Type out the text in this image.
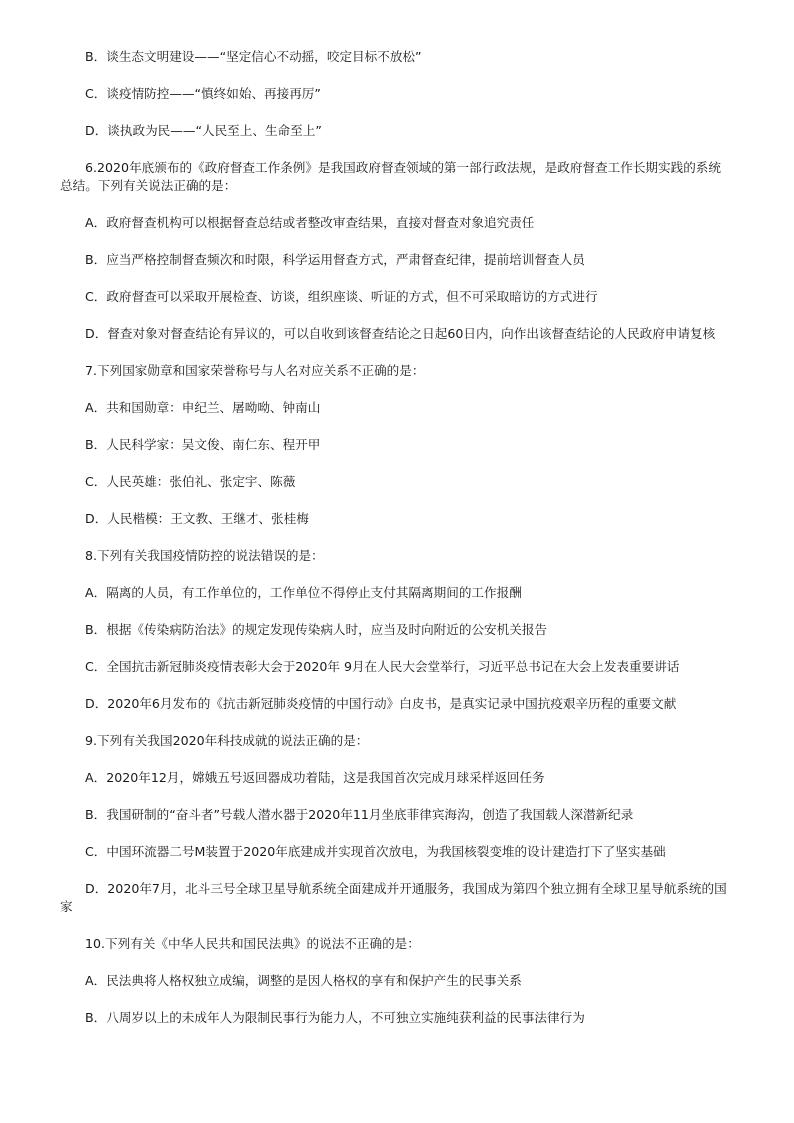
B．谈生态文明建设——“坚定信心不动摇，咬定目标不放松”

C．谈疫情防控——“慎终如始、再接再厉”

D．谈执政为民——“人民至上、生命至上”

6.2020年底颁布的《政府督查工作条例》是我国政府督查领域的第一部行政法规，是政府督查工作长期实践的系统总结。下列有关说法正确的是：

A．政府督查机构可以根据督查总结或者整改审查结果，直接对督查对象追究责任

B．应当严格控制督查频次和时限，科学运用督查方式，严肃督查纪律，提前培训督查人员

C．政府督查可以采取开展检查、访谈，组织座谈、听证的方式，但不可采取暗访的方式进行

D．督查对象对督查结论有异议的，可以自收到该督查结论之日起60日内，向作出该督查结论的人民政府申请复核

7.下列国家勋章和国家荣誉称号与人名对应关系不正确的是：

A．共和国勋章：申纪兰、屠呦呦、钟南山

B．人民科学家：吴文俊、南仁东、程开甲

C．人民英雄：张伯礼、张定宇、陈薇

D．人民楷模：王文教、王继才、张桂梅

8.下列有关我国疫情防控的说法错误的是：

A．隔离的人员，有工作单位的，工作单位不得停止支付其隔离期间的工作报酬

B．根据《传染病防治法》的规定发现传染病人时，应当及时向附近的公安机关报告

C．全国抗击新冠肺炎疫情表彰大会于2020年 9月在人民大会堂举行，习近平总书记在大会上发表重要讲话

D．2020年6月发布的《抗击新冠肺炎疫情的中国行动》白皮书，是真实记录中国抗疫艰辛历程的重要文献

9.下列有关我国2020年科技成就的说法正确的是：

A．2020年12月，嫦娥五号返回器成功着陆，这是我国首次完成月球采样返回任务

B．我国研制的“奋斗者”号载人潜水器于2020年11月坐底菲律宾海沟，创造了我国载人深潜新纪录

C．中国环流器二号M装置于2020年底建成并实现首次放电，为我国核裂变堆的设计建造打下了坚实基础

D．2020年7月，北斗三号全球卫星导航系统全面建成并开通服务，我国成为第四个独立拥有全球卫星导航系统的国家

10.下列有关《中华人民共和国民法典》的说法不正确的是：

A．民法典将人格权独立成编，调整的是因人格权的享有和保护产生的民事关系

B．八周岁以上的未成年人为限制民事行为能力人，不可独立实施纯获利益的民事法律行为
